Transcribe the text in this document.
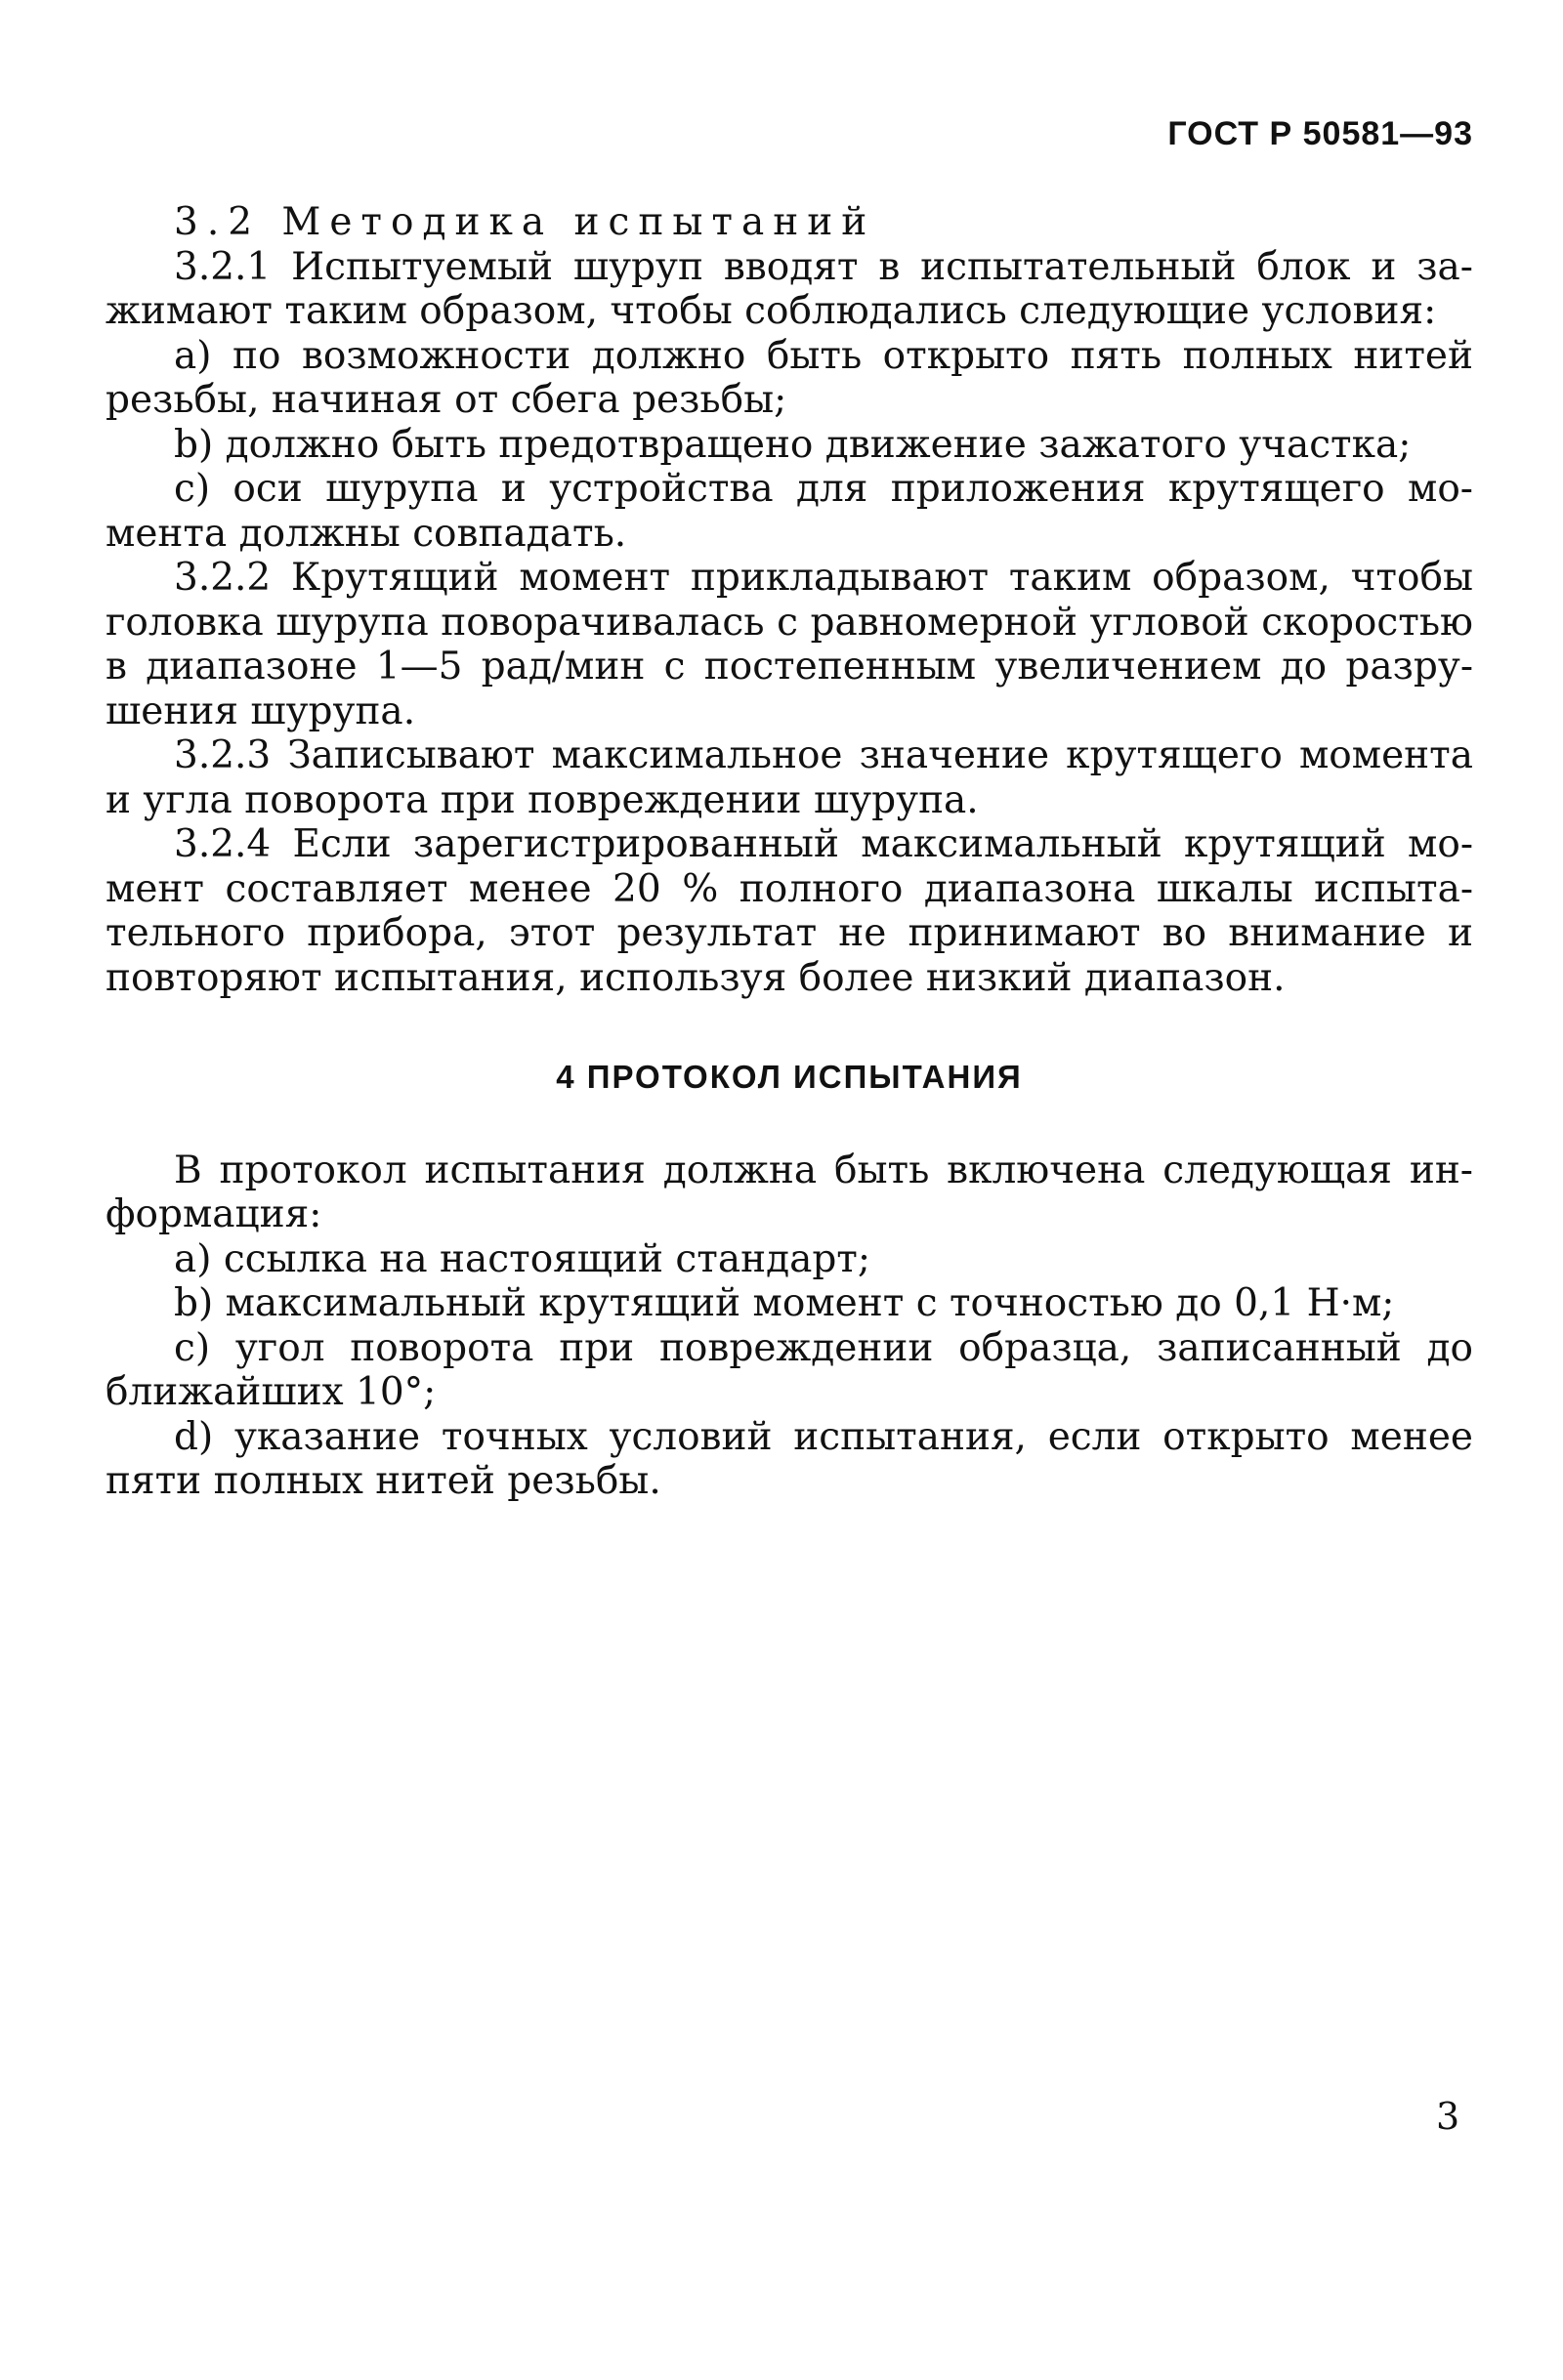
ГОСТ Р 50581—93
3.2 Методика испытаний
3.2.1 Испытуемый шуруп вводят в испытательный блок и за-
жимают таким образом, чтобы соблюдались следующие условия:
a) по возможности должно быть открыто пять полных нитей
резьбы, начиная от сбега резьбы;
b) должно быть предотвращено движение зажатого участка;
c) оси шурупа и устройства для приложения крутящего мо-
мента должны совпадать.
3.2.2 Крутящий момент прикладывают таким образом, чтобы
головка шурупа поворачивалась с равномерной угловой скоростью
в диапазоне 1—5 рад/мин с постепенным увеличением до разру-
шения шурупа.
3.2.3 Записывают максимальное значение крутящего момента
и угла поворота при повреждении шурупа.
3.2.4 Если зарегистрированный максимальный крутящий мо-
мент составляет менее 20 % полного диапазона шкалы испыта-
тельного прибора, этот результат не принимают во внимание и
повторяют испытания, используя более низкий диапазон.
4 ПРОТОКОЛ ИСПЫТАНИЯ
В протокол испытания должна быть включена следующая ин-
формация:
a) ссылка на настоящий стандарт;
b) максимальный крутящий момент с точностью до 0,1 Н·м;
c) угол поворота при повреждении образца, записанный до
ближайших 10°;
d) указание точных условий испытания, если открыто менее
пяти полных нитей резьбы.
3
